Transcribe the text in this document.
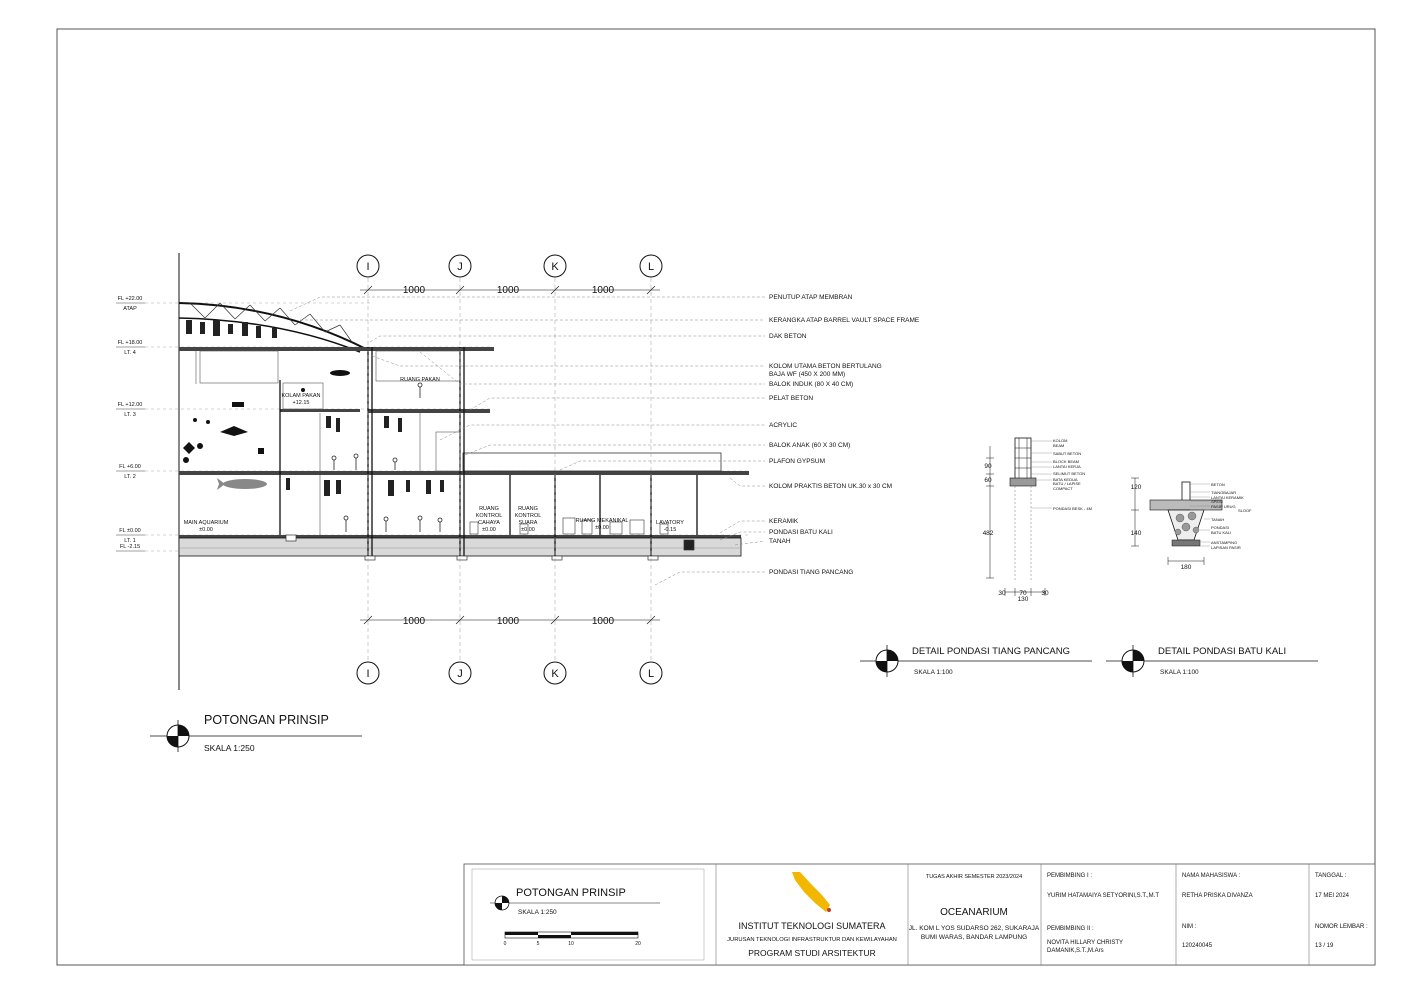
FL +22.00
ATAP
FL +18.00
LT. 4
FL +12.00
LT. 3
FL +6.00
LT. 2
FL ±0.00
LT. 1
FL -2.15
1000	1000	1000
1000	1000	1000
I	J	K	L
I	J	K	L
KOLAM PAKAN
+12.15
RUANG PAKAN
MAIN AQUARIUM
±0.00
RUANG
KONTROL
CAHAYA
±0.00
RUANG
KONTROL
SUARA
±0.00
RUANG MEKANIKAL
±0.00
LAVATORY
-0.15
PENUTUP ATAP MEMBRAN
KERANGKA ATAP BARREL VAULT SPACE FRAME
DAK BETON
KOLOM UTAMA BETON BERTULANG
BAJA WF (450 X 200 MM)
BALOK INDUK (80 X 40 CM)
PELAT BETON
ACRYLIC
BALOK ANAK (60 X 30 CM)
PLAFON GYPSUM
KOLOM PRAKTIS BETON UK.30 x 30 CM
KERAMIK
PONDASI BATU KALI
TANAH
PONDASI TIANG PANCANG
POTONGAN PRINSIP
SKALA 1:250
KOLOM
BEAM
SABUT BETON
BLOCK BEAM
LANTAI KERJA
SELIMUT BETON
BATA KEDUA
BATU / LAPISE
COMPACT
PONDASI BESK - 4M
90
60
482
30 70 30
130
DETAIL PONDASI TIANG PANCANG
SKALA 1:100
BETON
TIANGBAJAR
LANTAI KERAMIK
SPESI
PASIR URUG
SLOOF
TANAH
PONDASI
BATU KALI
ANSTAMPING
LAPISAN PASIR
120
140
180
DETAIL PONDASI BATU KALI
SKALA 1:100
POTONGAN PRINSIP
SKALA 1:250
0	5	10	20
INSTITUT TEKNOLOGI SUMATERA
JURUSAN TEKNOLOGI INFRASTRUKTUR DAN KEWILAYAHAN
PROGRAM STUDI ARSITEKTUR
TUGAS AKHIR SEMESTER 2023/2024
OCEANARIUM
JL. KOM L YOS SUDARSO 262, SUKARAJA
BUMI WARAS, BANDAR LAMPUNG
PEMBIMBING I :
YURIM HATAMAIYA SETYORINI,S.T.,M.T
PEMBIMBING II :
NOVITA HILLARY CHRISTY
DAMANIK,S.T.,M.Ars
NAMA MAHASISWA :
RETHA PRISKA DIVANZA
NIM :
120240045
TANGGAL :
17 MEI 2024
NOMOR LEMBAR :
13 / 19
